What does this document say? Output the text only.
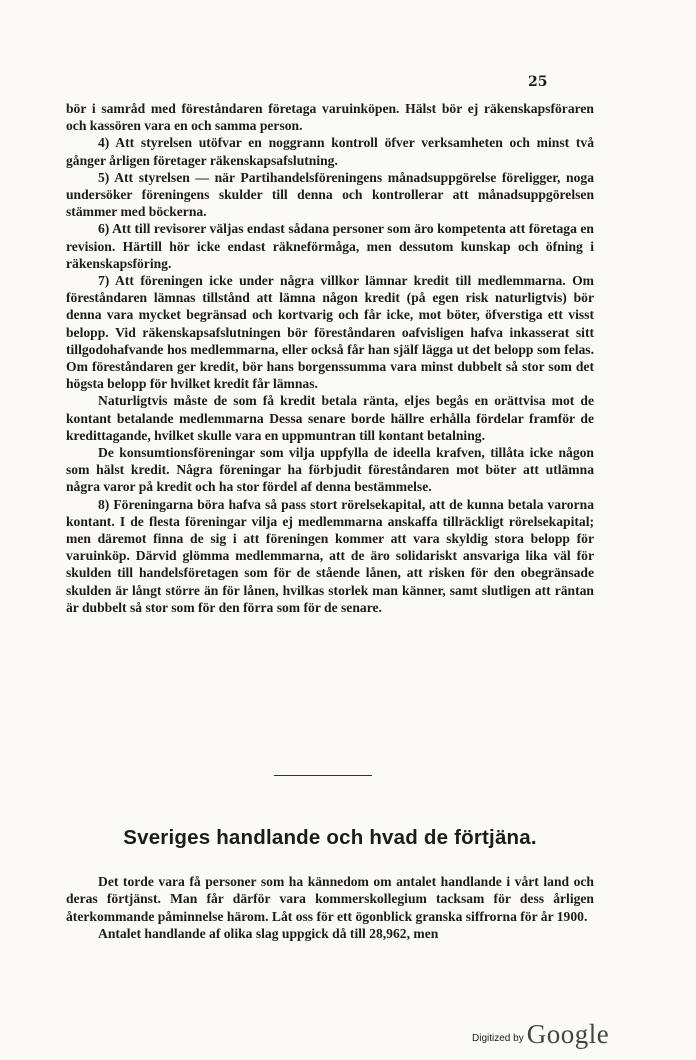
25

bör i samråd med föreståndaren företaga varuinköpen. Hälst bör ej räkenskapsföraren och kassören vara en och samma person.

4) Att styrelsen utöfvar en noggrann kontroll öfver verksamheten och minst två gånger årligen företager räkenskapsafslutning.

5) Att styrelsen — när Partihandelsföreningens månadsuppgörelse föreligger, noga undersöker föreningens skulder till denna och kontrollerar att månadsuppgörelsen stämmer med böckerna.

6) Att till revisorer väljas endast sådana personer som äro kompetenta att företaga en revision. Härtill hör icke endast räkneförmåga, men dessutom kunskap och öfning i räkenskapsföring.

7) Att föreningen icke under några villkor lämnar kredit till medlemmarna. Om föreståndaren lämnas tillstånd att lämna någon kredit (på egen risk naturligtvis) bör denna vara mycket begränsad och kortvarig och får icke, mot böter, öfverstiga ett visst belopp. Vid räkenskapsafslutningen bör föreståndaren oafvisligen hafva inkasserat sitt tillgodohafvande hos medlemmarna, eller också får han själf lägga ut det belopp som felas. Om föreståndaren ger kredit, bör hans borgenssumma vara minst dubbelt så stor som det högsta belopp för hvilket kredit får lämnas.

Naturligtvis måste de som få kredit betala ränta, eljes begås en orättvisa mot de kontant betalande medlemmarna Dessa senare borde hällre erhålla fördelar framför de kredittagande, hvilket skulle vara en uppmuntran till kontant betalning.

De konsumtionsföreningar som vilja uppfylla de ideella krafven, tillåta icke någon som hälst kredit. Några föreningar ha förbjudit föreståndaren mot böter att utlämna några varor på kredit och ha stor fördel af denna bestämmelse.

8) Föreningarna böra hafva så pass stort rörelsekapital, att de kunna betala varorna kontant. I de flesta föreningar vilja ej medlemmarna anskaffa tillräckligt rörelsekapital; men däremot finna de sig i att föreningen kommer att vara skyldig stora belopp för varuinköp. Därvid glömma medlemmarna, att de äro solidariskt ansvariga lika väl för skulden till handelsföretagen som för de stående lånen, att risken för den obegränsade skulden är långt större än för lånen, hvilkas storlek man känner, samt slutligen att räntan är dubbelt så stor som för den förra som för de senare.

Sveriges handlande och hvad de förtjäna.

Det torde vara få personer som ha kännedom om antalet handlande i vårt land och deras förtjänst. Man får därför vara kommerskollegium tacksam för dess årligen återkommande påminnelse härom. Låt oss för ett ögonblick granska siffrorna för år 1900.

Antalet handlande af olika slag uppgick då till 28,962, men

Digitized by Google
